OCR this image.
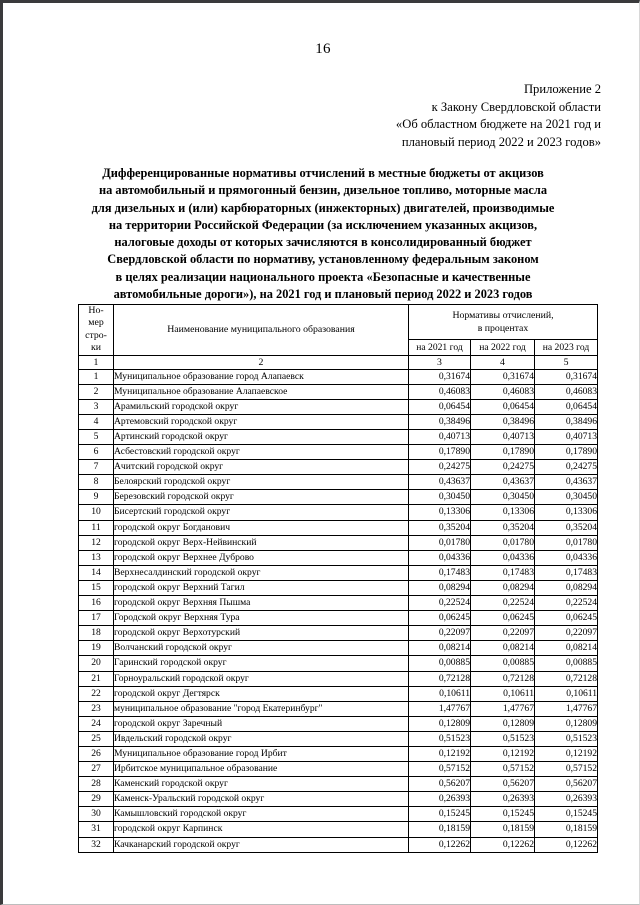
16
Приложение 2
к Закону Свердловской области
«Об областном бюджете на 2021 год и
плановый период 2022 и 2023 годов»
Дифференцированные нормативы отчислений в местные бюджеты от акцизов
на автомобильный и прямогонный бензин, дизельное топливо, моторные масла
для дизельных и (или) карбюраторных (инжекторных) двигателей, производимые
на территории Российской Федерации (за исключением указанных акцизов,
налоговые доходы от которых зачисляются в консолидированный бюджет
Свердловской области по нормативу, установленному федеральным законом
в целях реализации национального проекта «Безопасные и качественные
автомобильные дороги»), на 2021 год и плановый период 2022 и 2023 годов
Но-
мер
стро-
ки
	Наименование муниципального образования	
Нормативы отчислений,
в процентах

		на 2021 год	на 2022 год	на 2023 год
1	2	3	4	5
1	Муниципальное образование город Алапаевск	0,31674	0,31674	0,31674
2	Муниципальное образование Алапаевское	0,46083	0,46083	0,46083
3	Арамильский городской округ	0,06454	0,06454	0,06454
4	Артемовский городской округ	0,38496	0,38496	0,38496
5	Артинский городской округ	0,40713	0,40713	0,40713
6	Асбестовский городской округ	0,17890	0,17890	0,17890
7	Ачитский городской округ	0,24275	0,24275	0,24275
8	Белоярский городской округ	0,43637	0,43637	0,43637
9	Березовский городской округ	0,30450	0,30450	0,30450
10	Бисертский городской округ	0,13306	0,13306	0,13306
11	городской округ Богданович	0,35204	0,35204	0,35204
12	городской округ Верх-Нейвинский	0,01780	0,01780	0,01780
13	городской округ Верхнее Дуброво	0,04336	0,04336	0,04336
14	Верхнесалдинский городской округ	0,17483	0,17483	0,17483
15	городской округ Верхний Тагил	0,08294	0,08294	0,08294
16	городской округ Верхняя Пышма	0,22524	0,22524	0,22524
17	Городской округ Верхняя Тура	0,06245	0,06245	0,06245
18	городской округ Верхотурский	0,22097	0,22097	0,22097
19	Волчанский городской округ	0,08214	0,08214	0,08214
20	Гаринский городской округ	0,00885	0,00885	0,00885
21	Горноуральский городской округ	0,72128	0,72128	0,72128
22	городской округ Дегтярск	0,10611	0,10611	0,10611
23	муниципальное образование "город Екатеринбург"	1,47767	1,47767	1,47767
24	городской округ Заречный	0,12809	0,12809	0,12809
25	Ивдельский городской округ	0,51523	0,51523	0,51523
26	Муниципальное образование город Ирбит	0,12192	0,12192	0,12192
27	Ирбитское муниципальное образование	0,57152	0,57152	0,57152
28	Каменский городской округ	0,56207	0,56207	0,56207
29	Каменск-Уральский городской округ	0,26393	0,26393	0,26393
30	Камышловский городской округ	0,15245	0,15245	0,15245
31	городской округ Карпинск	0,18159	0,18159	0,18159
32	Качканарский городской округ	0,12262	0,12262	0,12262
